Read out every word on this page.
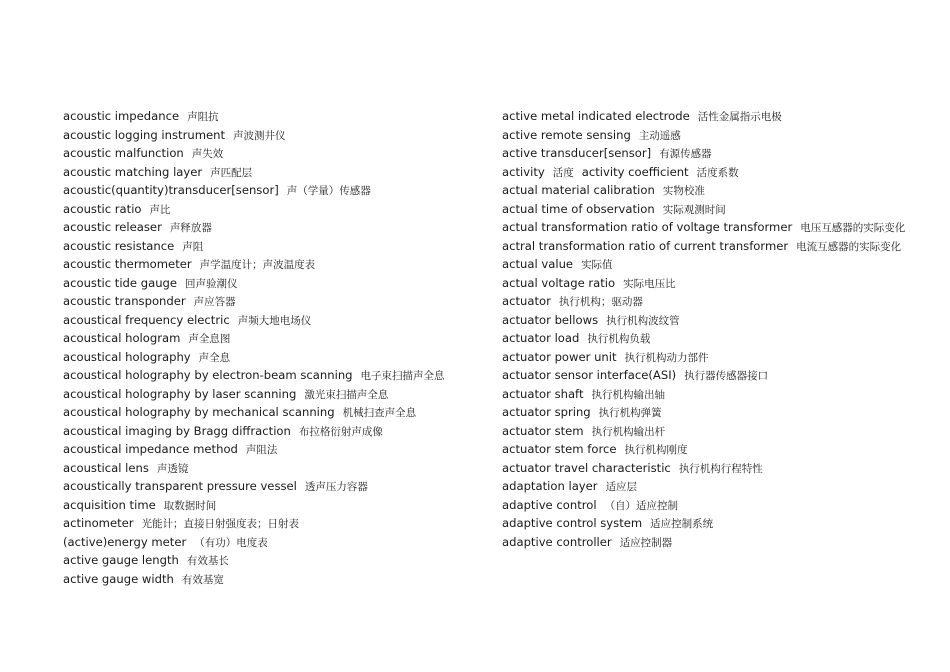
acoustic impedance 声阻抗
acoustic logging instrument 声波测井仪
acoustic malfunction 声失效
acoustic matching layer 声匹配层
acoustic(quantity)transducer[sensor] 声（学量）传感器
acoustic ratio 声比
acoustic releaser 声释放器
acoustic resistance 声阻
acoustic thermometer 声学温度计；声波温度表
acoustic tide gauge 回声验潮仪
acoustic transponder 声应答器
acoustical frequency electric 声频大地电场仪
acoustical hologram 声全息图
acoustical holography 声全息
acoustical holography by electron-beam scanning 电子束扫描声全息
acoustical holography by laser scanning 激光束扫描声全息
acoustical holography by mechanical scanning 机械扫查声全息
acoustical imaging by Bragg diffraction 布拉格衍射声成像
acoustical impedance method 声阻法
acoustical lens 声透镜
acoustically transparent pressure vessel 透声压力容器
acquisition time 取数据时间
actinometer 光能计；直接日射强度表；日射表
(active)energy meter （有功）电度表
active gauge length 有效基长
active gauge width 有效基宽
active metal indicated electrode 活性金属指示电极
active remote sensing 主动遥感
active transducer[sensor] 有源传感器
activity 活度 activity coefficient 活度系数
actual material calibration 实物校准
actual time of observation 实际观测时间
actual transformation ratio of voltage transformer 电压互感器的实际变化
actral transformation ratio of current transformer 电流互感器的实际变化
actual value 实际值
actual voltage ratio 实际电压比
actuator 执行机构；驱动器
actuator bellows 执行机构波纹管
actuator load 执行机构负载
actuator power unit 执行机构动力部件
actuator sensor interface(ASI) 执行器传感器接口
actuator shaft 执行机构输出轴
actuator spring 执行机构弹簧
actuator stem 执行机构输出杆
actuator stem force 执行机构刚度
actuator travel characteristic 执行机构行程特性
adaptation layer 适应层
adaptive control （自）适应控制
adaptive control system 适应控制系统
adaptive controller 适应控制器
